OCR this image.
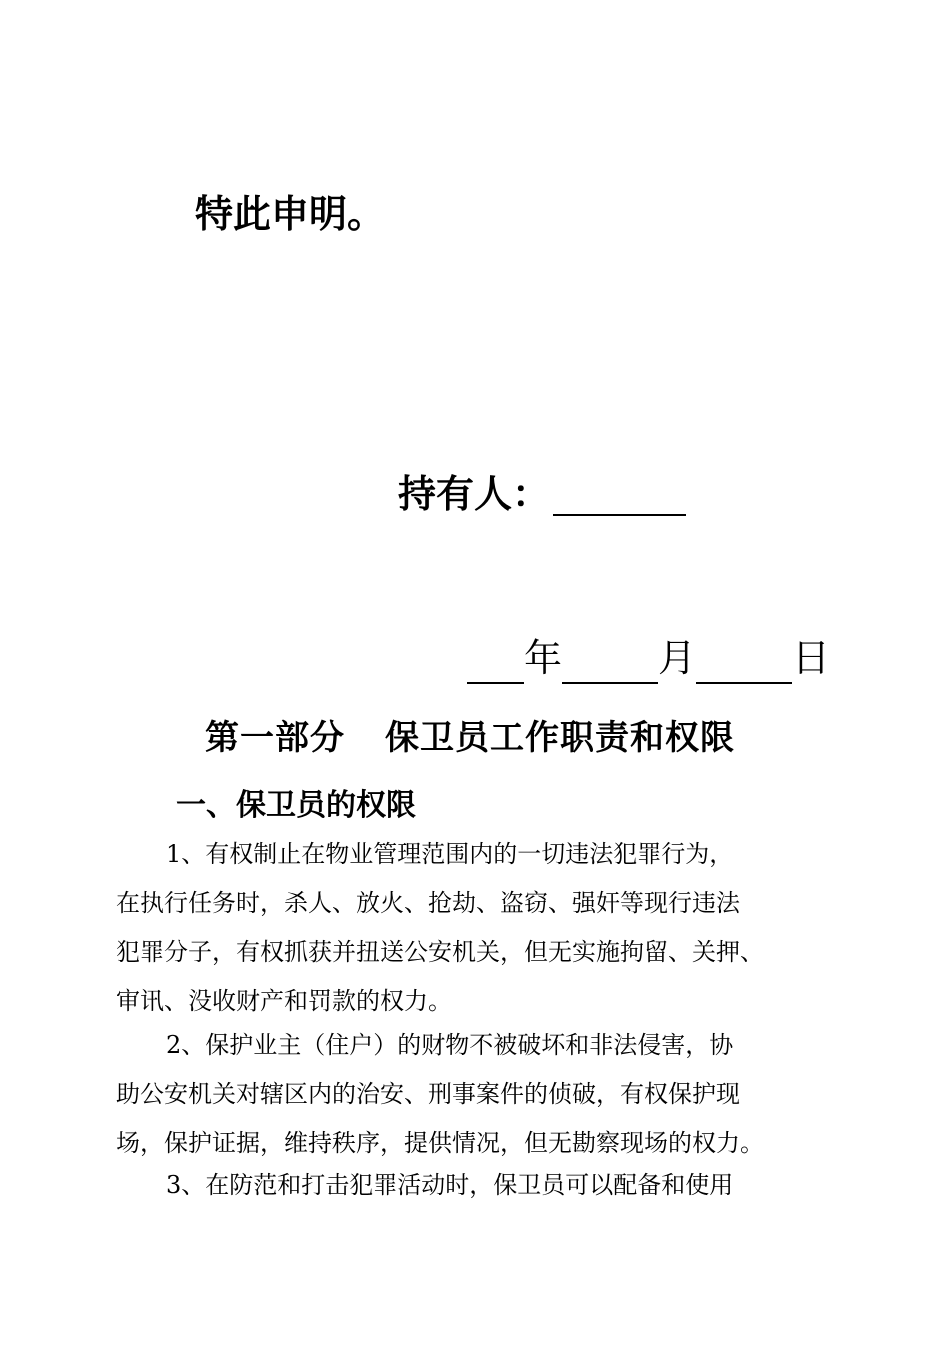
特此申明。
持有人：
年	月	日
第一部分 保卫员工作职责和权限
一、保卫员的权限
1、有权制止在物业管理范围内的一切违法犯罪行为，
在执行任务时，杀人、放火、抢劫、盗窃、强奸等现行违法
犯罪分子，有权抓获并扭送公安机关，但无实施拘留、关押、
审讯、没收财产和罚款的权力。
2、保护业主（住户）的财物不被破坏和非法侵害，协
助公安机关对辖区内的治安、刑事案件的侦破，有权保护现
场，保护证据，维持秩序，提供情况，但无勘察现场的权力。
3、在防范和打击犯罪活动时，保卫员可以配备和使用
